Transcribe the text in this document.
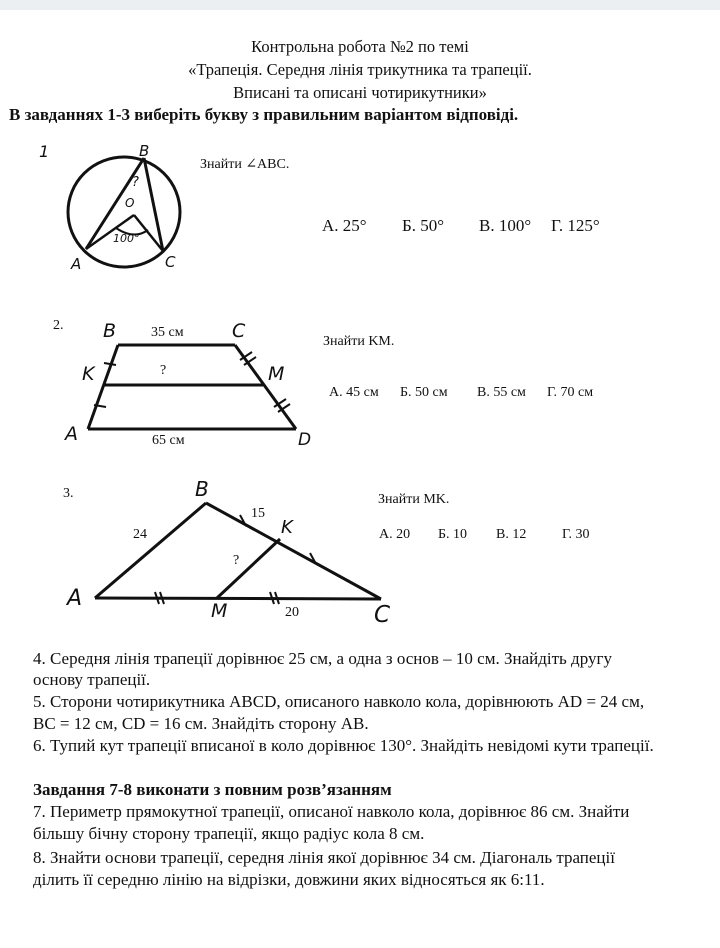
Контрольна робота №2 по темі
«Трапеція. Середня лінія трикутника та трапеції.
Вписані та описані чотирикутники»
В завданнях 1-3 виберіть букву з правильним варіантом відповіді.
1	B
?
O
100°
A	C
Знайти ∠ABC.
A. 25° Б. 50° В. 100° Г. 125°
2. B	C
35 см
K	?	M
A	65 см	D
Знайти KM.
A. 45 см Б. 50 см В. 55 см Г. 70 см
3.	B
15
K
24
?
A	M	20	C
Знайти MK.
A. 20 Б. 10 В. 12	Г. 30
4. Середня лінія трапеції дорівнює 25 см, а одна з основ – 10 см. Знайдіть другу
основу трапеції.
5. Сторони чотирикутника ABCD, описаного навколо кола, дорівнюють AD = 24 см,
BC = 12 см, CD = 16 см. Знайдіть сторону AB.
6. Тупий кут трапеції вписаної в коло дорівнює 130°. Знайдіть невідомі кути трапеції.
Завдання 7-8 виконати з повним розв’язанням
7. Периметр прямокутної трапеції, описаної навколо кола, дорівнює 86 см. Знайти
більшу бічну сторону трапеції, якщо радіус кола 8 см.
8. Знайти основи трапеції, середня лінія якої дорівнює 34 см. Діагональ трапеції
ділить її середню лінію на відрізки, довжини яких відносяться як 6:11.
